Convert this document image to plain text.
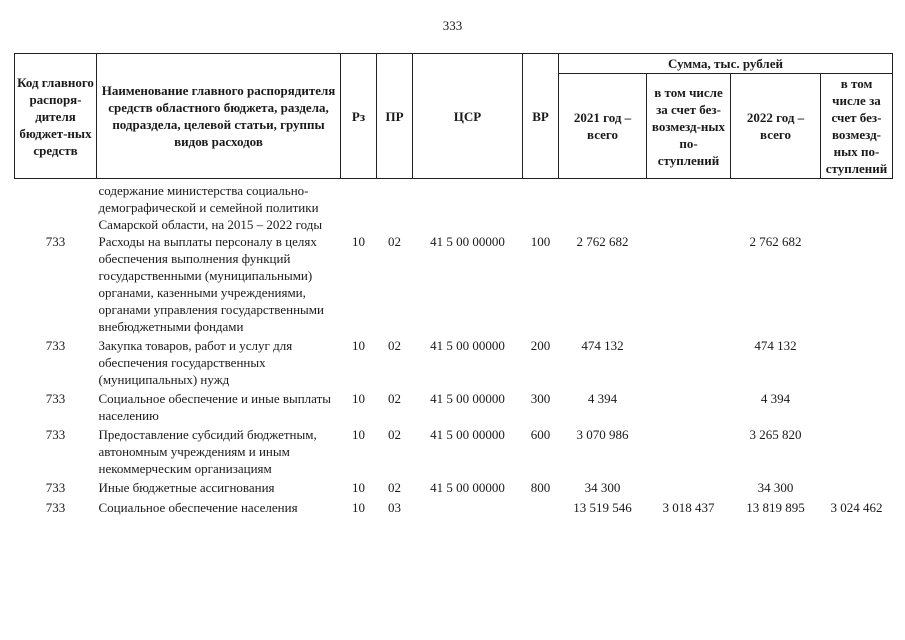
333
Код главного распоря-дителя бюджет-ных средств	Наименование главного распорядителя средств областного бюджета, раздела, подраздела, целевой статьи, группы видов расходов	Рз	ПР	ЦСР	ВР	Сумма, тыс. рублей			
						2021 год – всего	в том числе за счет без-возмезд-ных по-ступлений	2022 год – всего	в том числе за счет без-возмезд-ных по-ступлений
	содержание министерства социально-демографической и семейной политики Самарской области, на 2015 – 2022 годы								
733	Расходы на выплаты персоналу в целях обеспечения выполнения функций государственными (муниципальными) органами, казенными учреждениями, органами управления государственными внебюджетными фондами	10	02	41 5 00 00000	100	2 762 682		2 762 682	
733	Закупка товаров, работ и услуг для обеспечения государственных (муниципальных) нужд	10	02	41 5 00 00000	200	474 132		474 132	
733	Социальное обеспечение и иные выплаты населению	10	02	41 5 00 00000	300	4 394		4 394	
733	Предоставление субсидий бюджетным, автономным учреждениям и иным некоммерческим организациям	10	02	41 5 00 00000	600	3 070 986		3 265 820	
733	Иные бюджетные ассигнования	10	02	41 5 00 00000	800	34 300		34 300	
733	Социальное обеспечение населения	10	03			13 519 546	3 018 437	13 819 895	3 024 462
